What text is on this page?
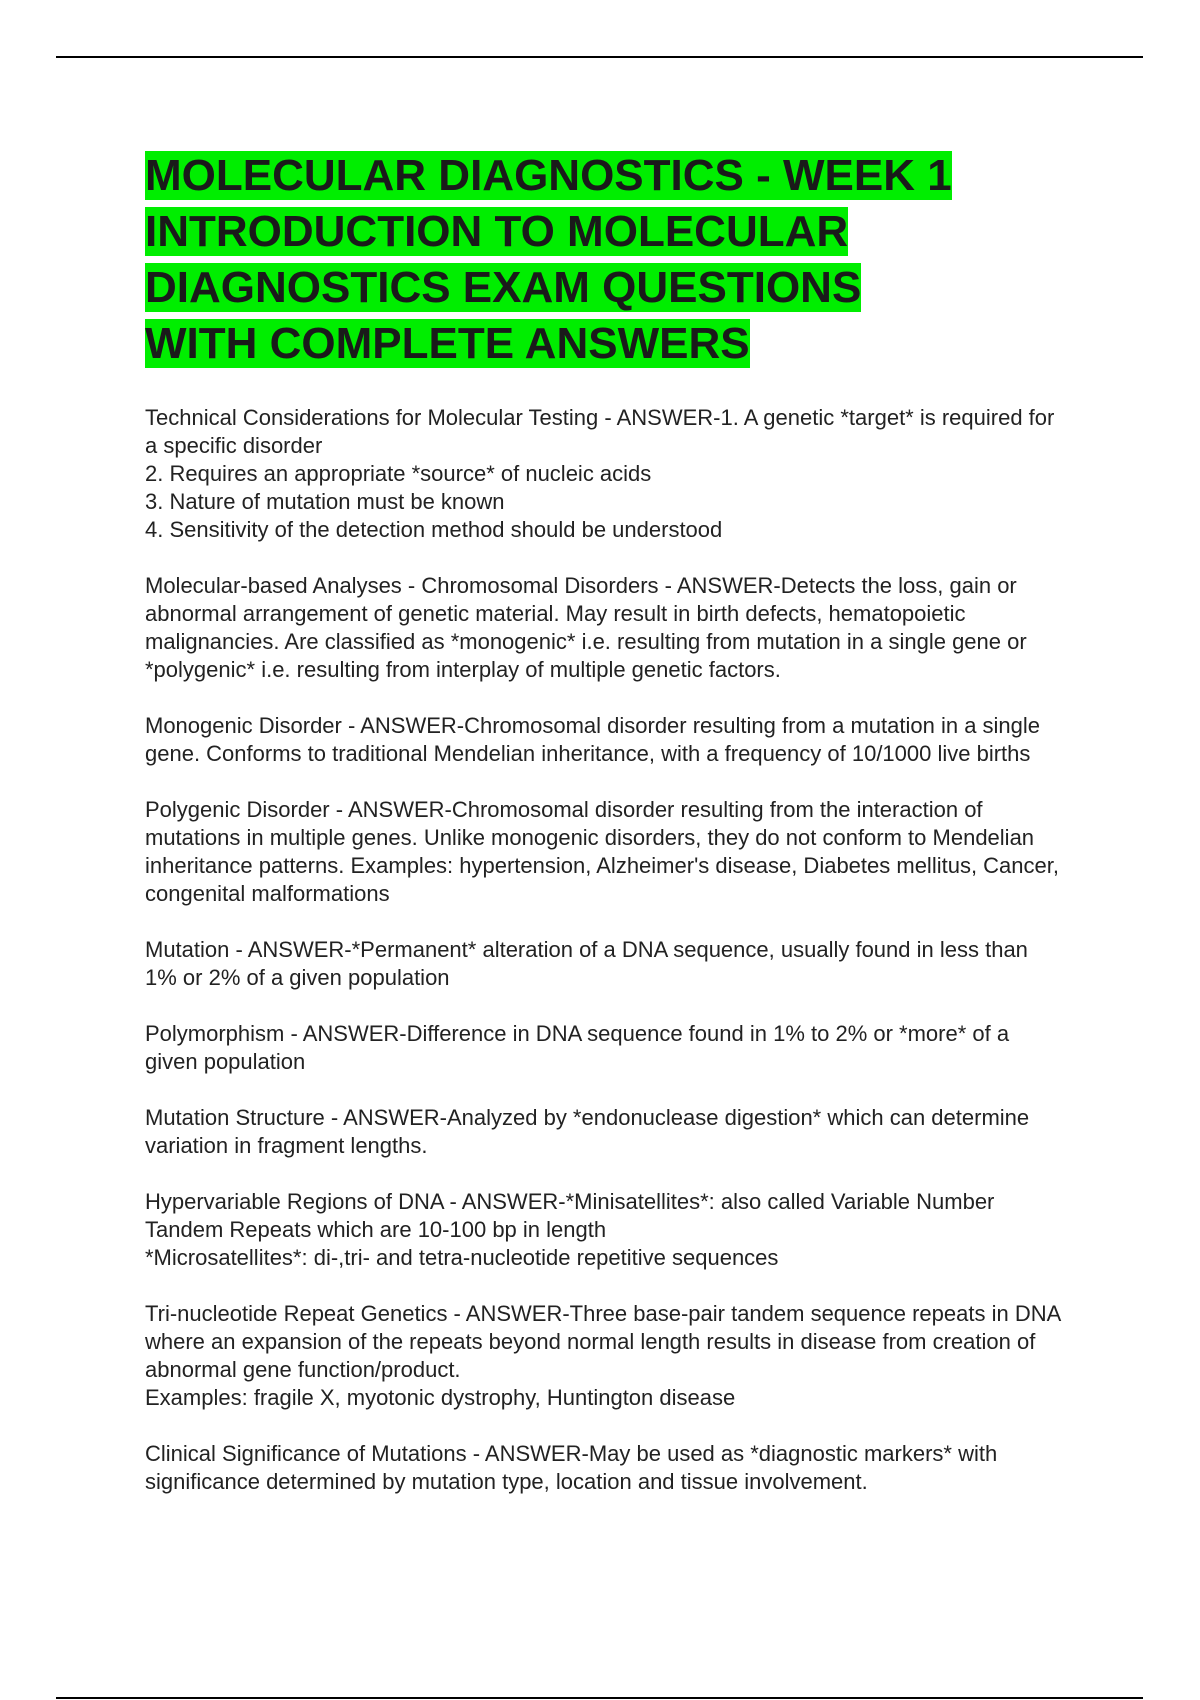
MOLECULAR DIAGNOSTICS - WEEK 1
INTRODUCTION TO MOLECULAR
DIAGNOSTICS EXAM QUESTIONS
WITH COMPLETE ANSWERS

Technical Considerations for Molecular Testing - ANSWER-1. A genetic *target* is required for a specific disorder
2. Requires an appropriate *source* of nucleic acids
3. Nature of mutation must be known
4. Sensitivity of the detection method should be understood

Molecular-based Analyses - Chromosomal Disorders - ANSWER-Detects the loss, gain or abnormal arrangement of genetic material. May result in birth defects, hematopoietic malignancies. Are classified as *monogenic* i.e. resulting from mutation in a single gene or *polygenic* i.e. resulting from interplay of multiple genetic factors.

Monogenic Disorder - ANSWER-Chromosomal disorder resulting from a mutation in a single gene. Conforms to traditional Mendelian inheritance, with a frequency of 10/1000 live births

Polygenic Disorder - ANSWER-Chromosomal disorder resulting from the interaction of mutations in multiple genes. Unlike monogenic disorders, they do not conform to Mendelian inheritance patterns. Examples: hypertension, Alzheimer's disease, Diabetes mellitus, Cancer, congenital malformations

Mutation - ANSWER-*Permanent* alteration of a DNA sequence, usually found in less than 1% or 2% of a given population

Polymorphism - ANSWER-Difference in DNA sequence found in 1% to 2% or *more* of a given population

Mutation Structure - ANSWER-Analyzed by *endonuclease digestion* which can determine variation in fragment lengths.

Hypervariable Regions of DNA - ANSWER-*Minisatellites*: also called Variable Number Tandem Repeats which are 10-100 bp in length
*Microsatellites*: di-,tri- and tetra-nucleotide repetitive sequences

Tri-nucleotide Repeat Genetics - ANSWER-Three base-pair tandem sequence repeats in DNA where an expansion of the repeats beyond normal length results in disease from creation of abnormal gene function/product.
Examples: fragile X, myotonic dystrophy, Huntington disease

Clinical Significance of Mutations - ANSWER-May be used as *diagnostic markers* with significance determined by mutation type, location and tissue involvement.
